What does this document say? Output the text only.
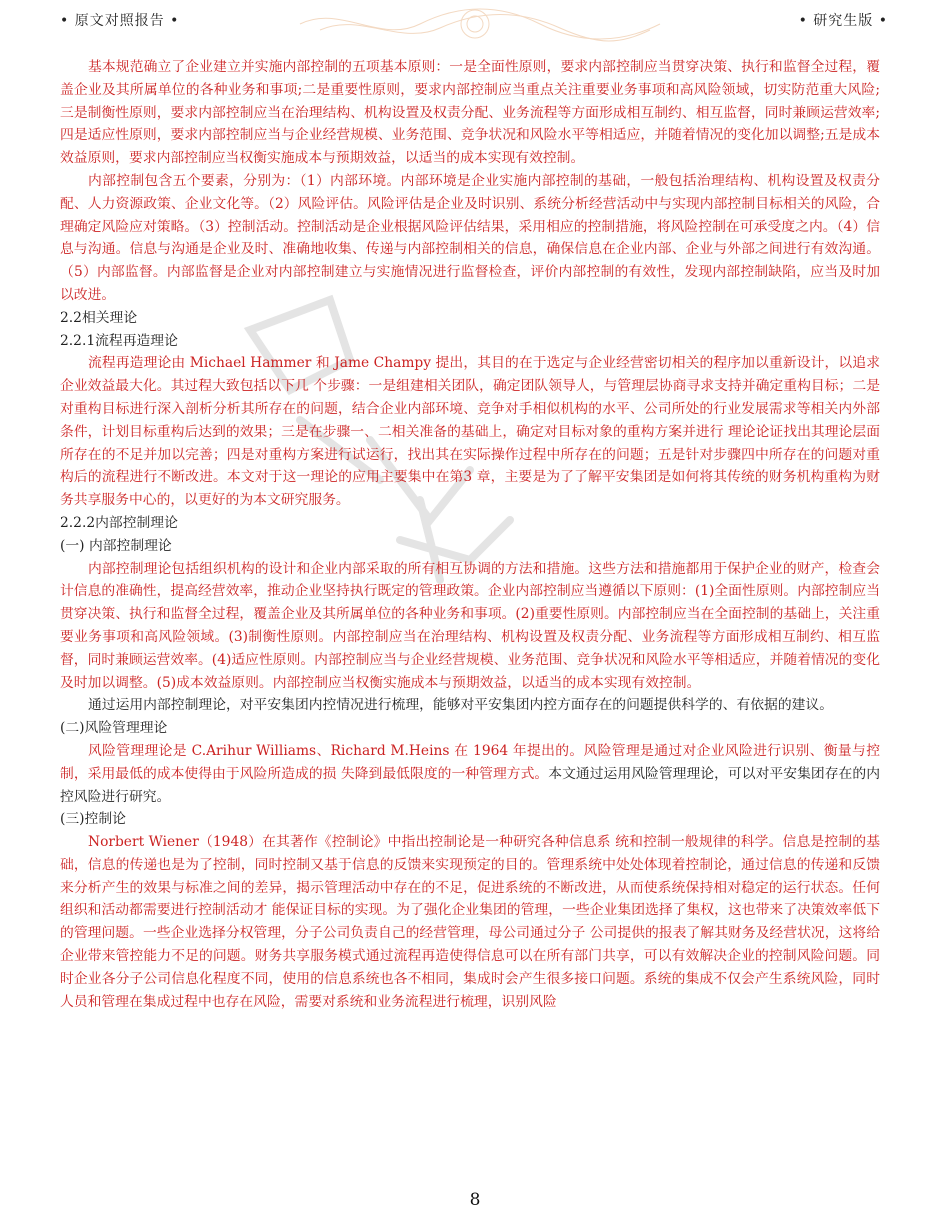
• 原文对照报告 •	• 研究生版 •

基本规范确立了企业建立并实施内部控制的五项基本原则：一是全面性原则，要求内部控制应当贯穿决策、执行和监督全过程，覆盖企业及其所属单位的各种业务和事项;二是重要性原则，要求内部控制应当重点关注重要业务事项和高风险领域，切实防范重大风险;三是制衡性原则，要求内部控制应当在治理结构、机构设置及权责分配、业务流程等方面形成相互制约、相互监督，同时兼顾运营效率;四是适应性原则，要求内部控制应当与企业经营规模、业务范围、竞争状况和风险水平等相适应，并随着情况的变化加以调整;五是成本效益原则，要求内部控制应当权衡实施成本与预期效益，以适当的成本实现有效控制。

内部控制包含五个要素，分别为：（1）内部环境。内部环境是企业实施内部控制的基础，一般包括治理结构、机构设置及权责分配、人力资源政策、企业文化等。（2）风险评估。风险评估是企业及时识别、系统分析经营活动中与实现内部控制目标相关的风险，合理确定风险应对策略。（3）控制活动。控制活动是企业根据风险评估结果，采用相应的控制措施，将风险控制在可承受度之内。（4）信息与沟通。信息与沟通是企业及时、准确地收集、传递与内部控制相关的信息，确保信息在企业内部、企业与外部之间进行有效沟通。（5）内部监督。内部监督是企业对内部控制建立与实施情况进行监督检查，评价内部控制的有效性，发现内部控制缺陷，应当及时加以改进。

2.2相关理论

2.2.1流程再造理论

流程再造理论由 Michael Hammer 和 Jame Champy 提出，其目的在于选定与企业经营密切相关的程序加以重新设计，以追求企业效益最大化。其过程大致包括以下几 个步骤：一是组建相关团队，确定团队领导人，与管理层协商寻求支持并确定重构目标；二是对重构目标进行深入剖析分析其所存在的问题，结合企业内部环境、竞争对手相似机构的水平、公司所处的行业发展需求等相关内外部条件，计划目标重构后达到的效果；三是在步骤一、二相关准备的基础上，确定对目标对象的重构方案并进行 理论论证找出其理论层面所存在的不足并加以完善；四是对重构方案进行试运行，找出其在实际操作过程中所存在的问题；五是针对步骤四中所存在的问题对重构后的流程进行不断改进。本文对于这一理论的应用主要集中在第3 章，主要是为了了解平安集团是如何将其传统的财务机构重构为财务共享服务中心的，以更好的为本文研究服务。

2.2.2内部控制理论

(一) 内部控制理论

内部控制理论包括组织机构的设计和企业内部采取的所有相互协调的方法和措施。这些方法和措施都用于保护企业的财产，检查会计信息的准确性，提高经营效率，推动企业坚持执行既定的管理政策。企业内部控制应当遵循以下原则：(1)全面性原则。内部控制应当贯穿决策、执行和监督全过程，覆盖企业及其所属单位的各种业务和事项。(2)重要性原则。内部控制应当在全面控制的基础上，关注重要业务事项和高风险领域。(3)制衡性原则。内部控制应当在治理结构、机构设置及权责分配、业务流程等方面形成相互制约、相互监督，同时兼顾运营效率。(4)适应性原则。内部控制应当与企业经营规模、业务范围、竞争状况和风险水平等相适应，并随着情况的变化及时加以调整。(5)成本效益原则。内部控制应当权衡实施成本与预期效益，以适当的成本实现有效控制。

通过运用内部控制理论，对平安集团内控情况进行梳理，能够对平安集团内控方面存在的问题提供科学的、有依据的建议。

(二)风险管理理论

风险管理理论是 C.Arihur Williams、Richard M.Heins 在 1964 年提出的。风险管理是通过对企业风险进行识别、衡量与控制，采用最低的成本使得由于风险所造成的损 失降到最低限度的一种管理方式。本文通过运用风险管理理论，可以对平安集团存在的内控风险进行研究。

(三)控制论

Norbert Wiener（1948）在其著作《控制论》中指出控制论是一种研究各种信息系 统和控制一般规律的科学。信息是控制的基础，信息的传递也是为了控制，同时控制又基于信息的反馈来实现预定的目的。管理系统中处处体现着控制论，通过信息的传递和反馈来分析产生的效果与标准之间的差异，揭示管理活动中存在的不足，促进系统的不断改进，从而使系统保持相对稳定的运行状态。任何组织和活动都需要进行控制活动才 能保证目标的实现。为了强化企业集团的管理，一些企业集团选择了集权，这也带来了决策效率低下的管理问题。一些企业选择分权管理，分子公司负责自己的经营管理，母公司通过分子 公司提供的报表了解其财务及经营状况，这将给企业带来管控能力不足的问题。财务共享服务模式通过流程再造使得信息可以在所有部门共享，可以有效解决企业的控制风险问题。同时企业各分子公司信息化程度不同，使用的信息系统也各不相同，集成时会产生很多接口问题。系统的集成不仅会产生系统风险，同时人员和管理在集成过程中也存在风险，需要对系统和业务流程进行梳理，识别风险

8
